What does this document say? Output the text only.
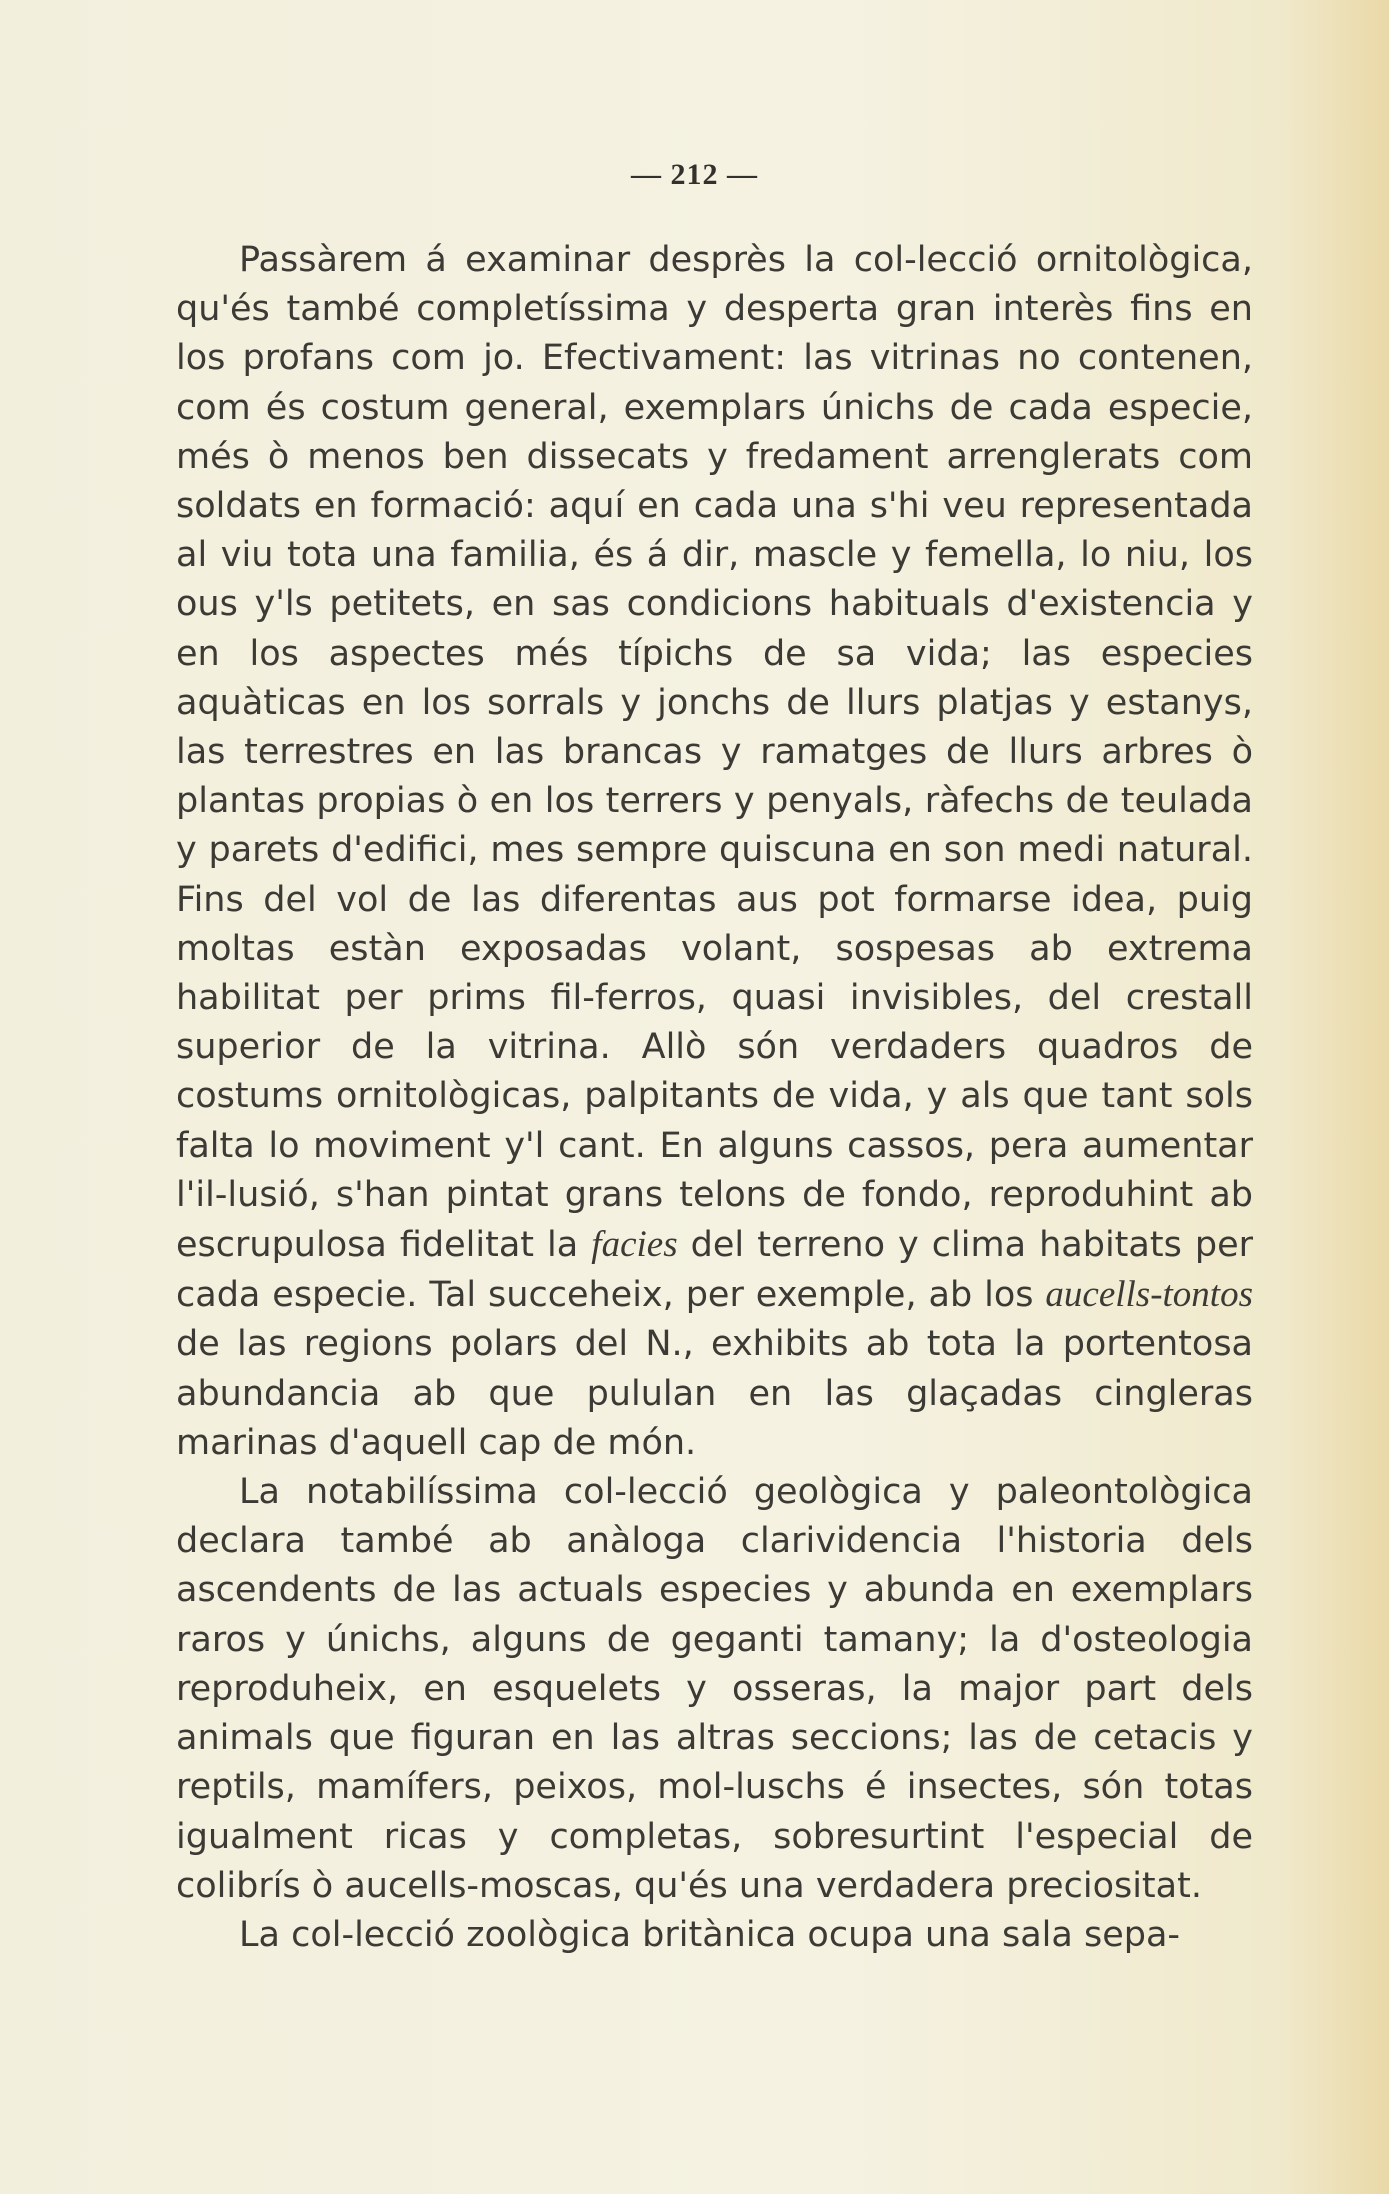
— 212 —

Passàrem á examinar desprès la col-lecció ornitològica, qu'és també completíssima y desperta gran interès fins en los profans com jo. Efectivament: las vitrinas no contenen, com és costum general, exemplars únichs de cada especie, més ò menos ben dissecats y fredament arrenglerats com soldats en formació: aquí en cada una s'hi veu representada al viu tota una familia, és á dir, mascle y femella, lo niu, los ous y'ls petitets, en sas condicions habituals d'existencia y en los aspectes més típichs de sa vida; las especies aquàticas en los sorrals y jonchs de llurs platjas y estanys, las terrestres en las brancas y ramatges de llurs arbres ò plantas propias ò en los terrers y penyals, ràfechs de teulada y parets d'edifici, mes sempre quiscuna en son medi natural. Fins del vol de las diferentas aus pot formarse idea, puig moltas estàn exposadas volant, sospesas ab extrema habilitat per prims fil-ferros, quasi invisibles, del crestall superior de la vitrina. Allò són verdaders quadros de costums ornitològicas, palpitants de vida, y als que tant sols falta lo moviment y'l cant. En alguns cassos, pera aumentar l'il-lusió, s'han pintat grans telons de fondo, reproduhint ab escrupulosa fidelitat la facies del terreno y clima habitats per cada especie. Tal succeheix, per exemple, ab los aucells-tontos de las regions polars del N., exhibits ab tota la portentosa abundancia ab que pululan en las glaçadas cingleras marinas d'aquell cap de món.

La notabilíssima col-lecció geològica y paleontològica declara també ab anàloga clarividencia l'historia dels ascendents de las actuals especies y abunda en exemplars raros y únichs, alguns de geganti tamany; la d'osteologia reproduheix, en esquelets y osseras, la major part dels animals que figuran en las altras seccions; las de cetacis y reptils, mamífers, peixos, mol-luschs é insectes, són totas igualment ricas y completas, sobresurtint l'especial de colibrís ò aucells-moscas, qu'és una verdadera preciositat.

La col-lecció zoològica britànica ocupa una sala sepa-
